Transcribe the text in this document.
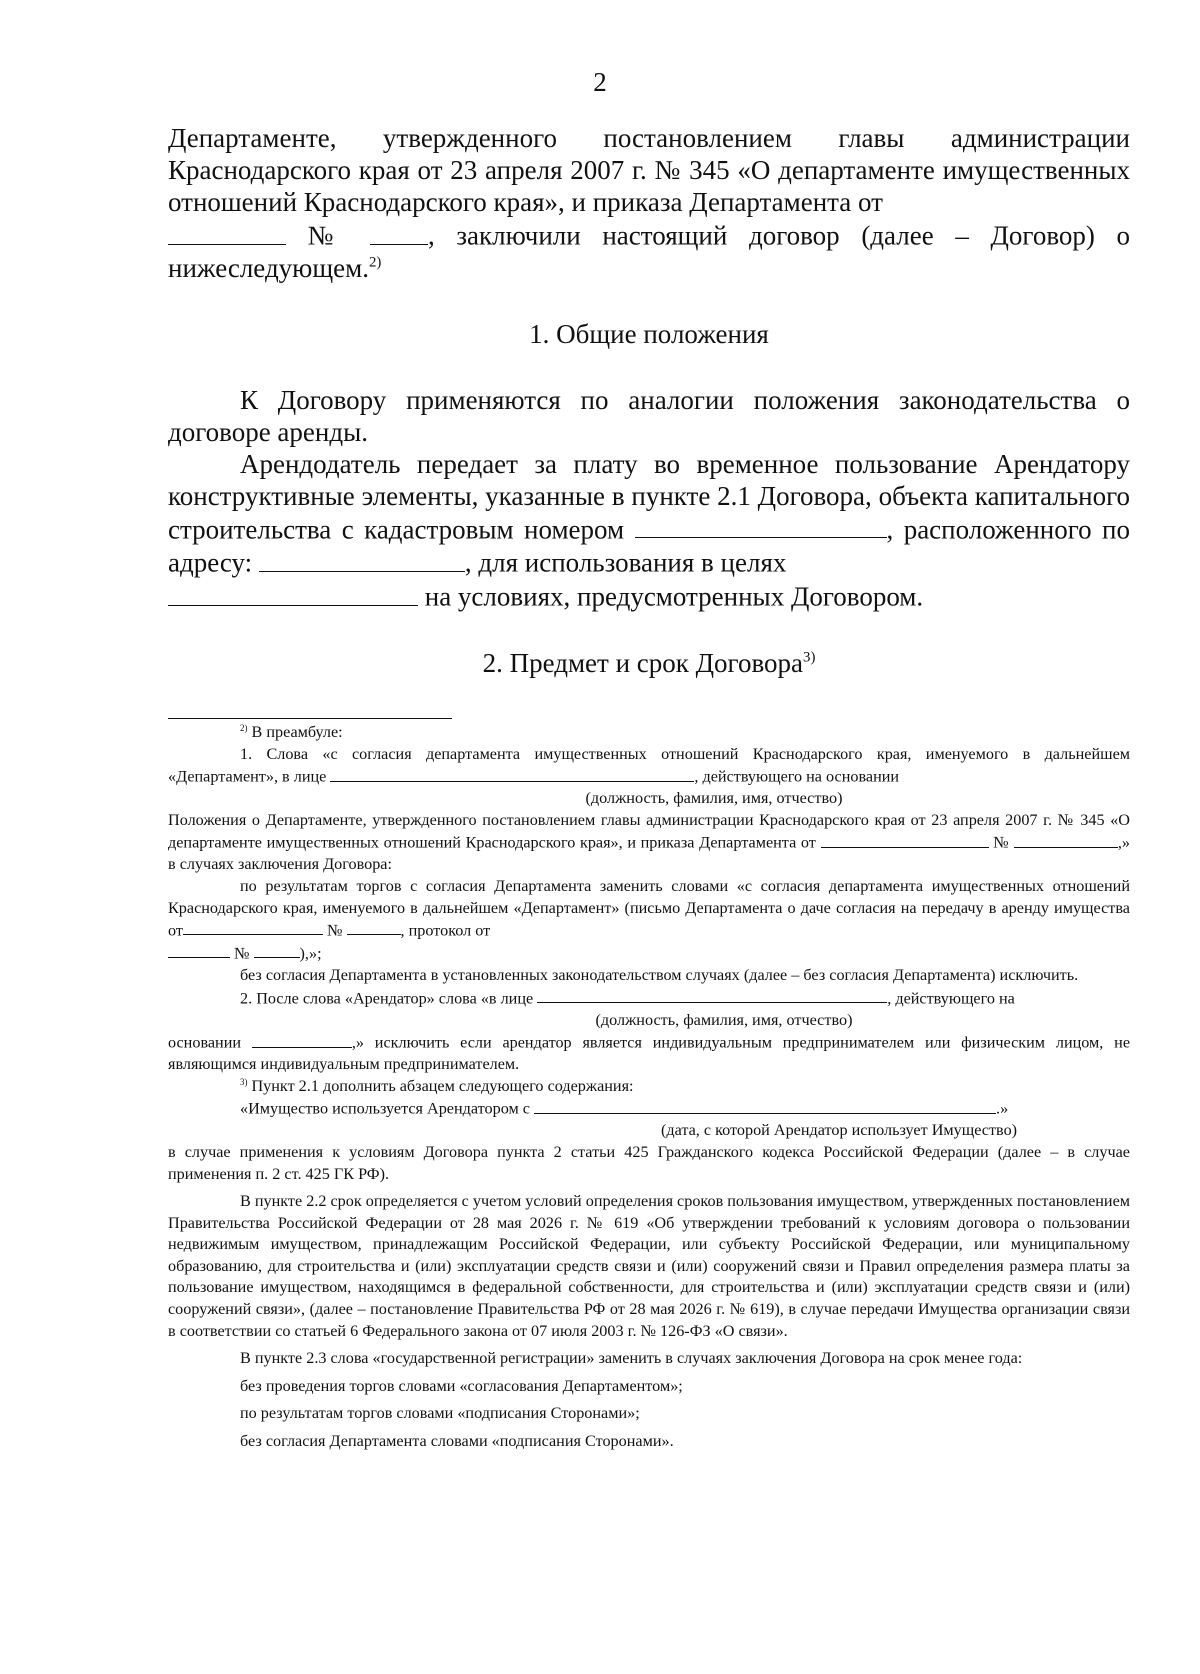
2

Департаменте, утвержденного постановлением главы администрации Краснодарского края от 23 апреля 2007 г. № 345 «О департаменте имущественных отношений Краснодарского края», и приказа Департамента от
№	, заключили настоящий договор (далее – Договор) о нижеследующем.$^{2)}$

1. Общие положения

К Договору применяются по аналогии положения законодательства о договоре аренды.

Арендодатель передает за плату во временное пользование Арендатору конструктивные элементы, указанные в пункте 2.1 Договора, объекта капитального строительства с кадастровым номером	, расположенного по адресу:	, для использования в целях
на условиях, предусмотренных Договором.

2. Предмет и срок Договора$^{3)}$

$^{2)}$ В преамбуле:

1. Слова «с согласия департамента имущественных отношений Краснодарского края, именуемого в дальнейшем «Департамент», в лице	, действующего на основании

(должность, фамилия, имя, отчество)

Положения о Департаменте, утвержденного постановлением главы администрации Краснодарского края от 23 апреля 2007 г. № 345 «О департаменте имущественных отношений Краснодарского края», и приказа Департамента от	№	,» в случаях заключения Договора:

по результатам торгов с согласия Департамента заменить словами «с согласия департамента имущественных отношений Краснодарского края, именуемого в дальнейшем «Департамент» (письмо Департамента о даче согласия на передачу в аренду имущества от	№	, протокол от
№	),»;

без согласия Департамента в установленных законодательством случаях (далее – без согласия Департамента) исключить.

2. После слова «Арендатор» слова «в лице	, действующего на

(должность, фамилия, имя, отчество)

основании	,» исключить если арендатор является индивидуальным предпринимателем или физическим лицом, не являющимся индивидуальным предпринимателем.

$^{3)}$ Пункт 2.1 дополнить абзацем следующего содержания:

«Имущество используется Арендатором с	.»

(дата, с которой Арендатор использует Имущество)

в случае применения к условиям Договора пункта 2 статьи 425 Гражданского кодекса Российской Федерации (далее – в случае применения п. 2 ст. 425 ГК РФ).

В пункте 2.2 срок определяется с учетом условий определения сроков пользования имуществом, утвержденных постановлением Правительства Российской Федерации от 28 мая 2026 г. № 619 «Об утверждении требований к условиям договора о пользовании недвижимым имуществом, принадлежащим Российской Федерации, или субъекту Российской Федерации, или муниципальному образованию, для строительства и (или) эксплуатации средств связи и (или) сооружений связи и Правил определения размера платы за пользование имуществом, находящимся в федеральной собственности, для строительства и (или) эксплуатации средств связи и (или) сооружений связи», (далее – постановление Правительства РФ от 28 мая 2026 г. № 619), в случае передачи Имущества организации связи в соответствии со статьей 6 Федерального закона от 07 июля 2003 г. № 126-ФЗ «О связи».

В пункте 2.3 слова «государственной регистрации» заменить в случаях заключения Договора на срок менее года:

без проведения торгов словами «согласования Департаментом»;

по результатам торгов словами «подписания Сторонами»;

без согласия Департамента словами «подписания Сторонами».
